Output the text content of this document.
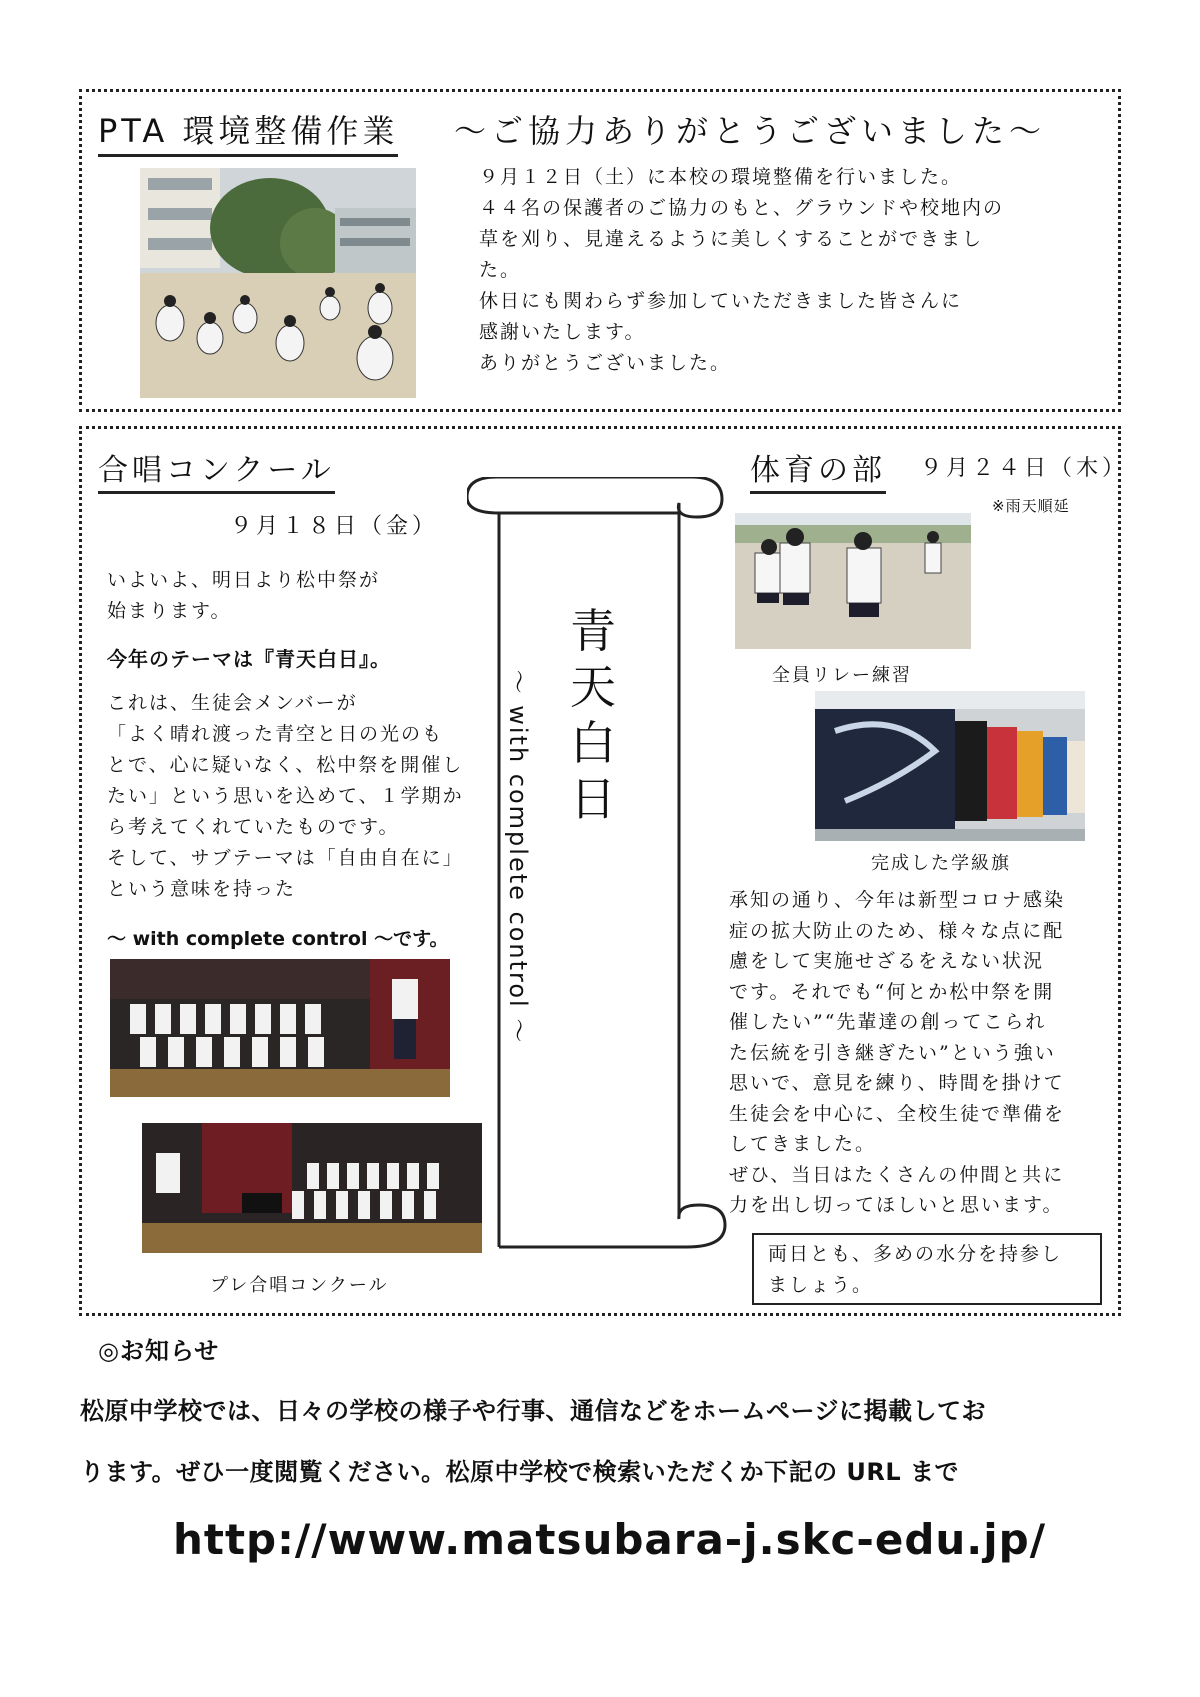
PTA 環境整備作業 ～ご協力ありがとうございました～
９月１２日（土）に本校の環境整備を行いました。
４４名の保護者のご協力のもと、グラウンドや校地内の
草を刈り、見違えるように美しくすることができまし
た。
休日にも関わらず参加していただきました皆さんに
感謝いたします。
ありがとうございました。
合唱コンクール
９月１８日（金）
いよいよ、明日より松中祭が
始まります。
今年のテーマは『青天白日』。
これは、生徒会メンバーが
「よく晴れ渡った青空と日の光のも
とで、心に疑いなく、松中祭を開催し
たい」という思いを込めて、１学期か
ら考えてくれていたものです。
そして、サブテーマは「自由自在に」
という意味を持った
～ with complete control ～です。
プレ合唱コンクール
青
天
白
日
～ with complete control ～
体育の部 ９月２４日（木）
※雨天順延
全員リレー練習
完成した学級旗
承知の通り、今年は新型コロナ感染
症の拡大防止のため、様々な点に配
慮をして実施せざるをえない状況
です。それでも“何とか松中祭を開
催したい”“先輩達の創ってこられ
た伝統を引き継ぎたい”という強い
思いで、意見を練り、時間を掛けて
生徒会を中心に、全校生徒で準備を
してきました。
ぜひ、当日はたくさんの仲間と共に
力を出し切ってほしいと思います。
両日とも、多めの水分を持参し
ましょう。
◎お知らせ
松原中学校では、日々の学校の様子や行事、通信などをホームページに掲載してお
ります。ぜひ一度閲覧ください。松原中学校で検索いただくか下記の URL まで
http://www.matsubara-j.skc-edu.jp/
